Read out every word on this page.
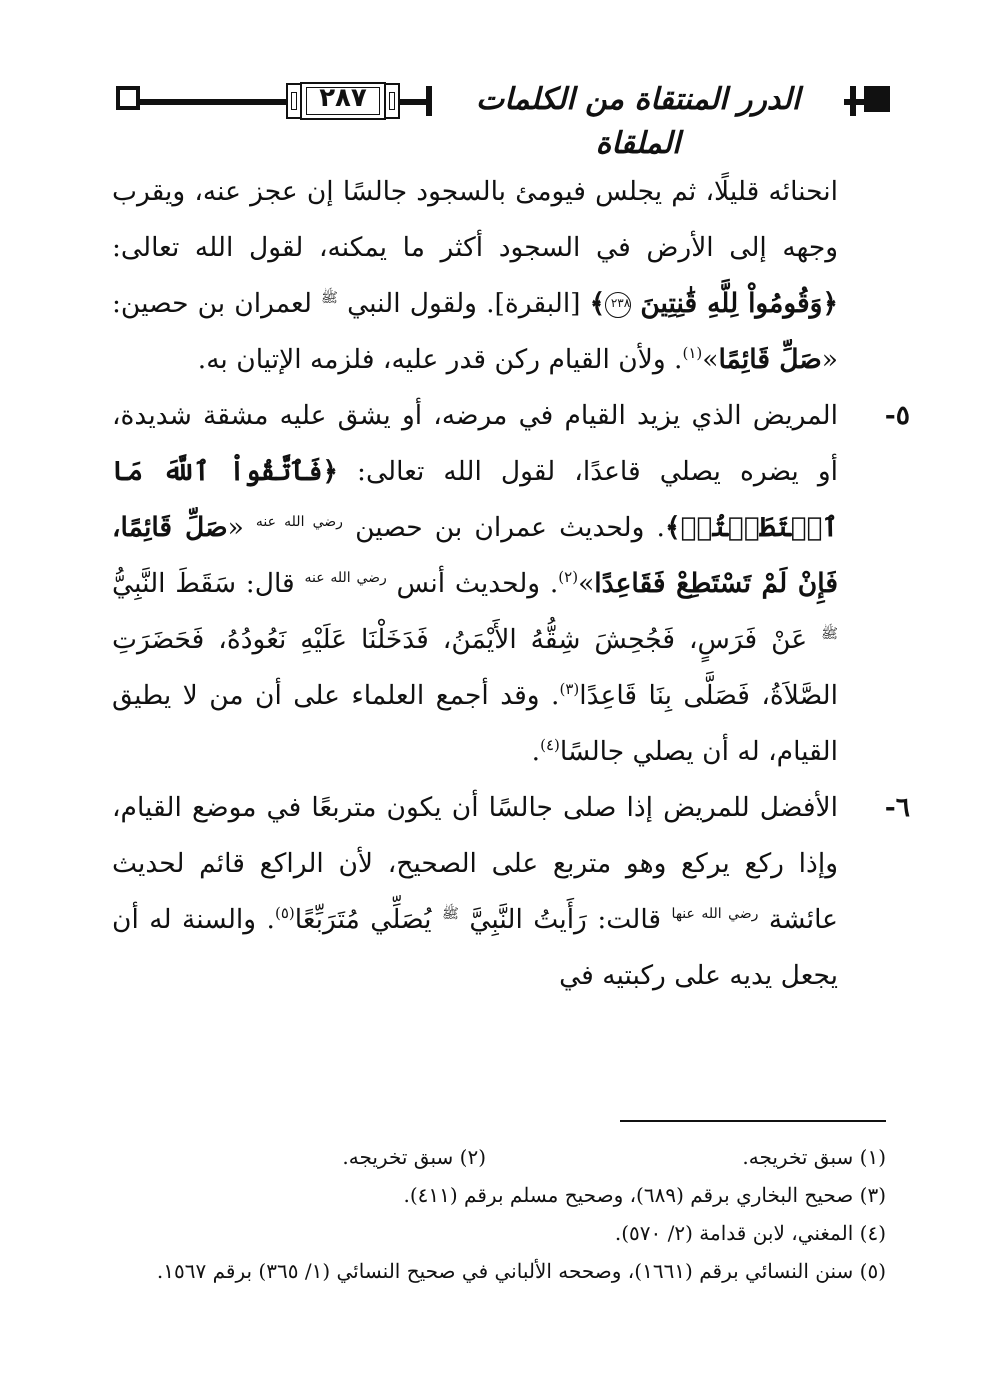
٢٨٧	الدرر المنتقاة من الكلمات الملقاة

انحنائه قليلًا، ثم يجلس فيومئ بالسجود جالسًا إن عجز عنه، ويقرب وجهه إلى الأرض في السجود أكثر ما يمكنه، لقول الله تعالى: ﴿وَقُومُواْ لِلَّهِ قَٰنِتِينَ ٢٣٨﴾ [البقرة]. ولقول النبي $^ﷺ$ لعمران بن حصين: «صَلِّ قَائِمًا»$^{(١)}$. ولأن القيام ركن قدر عليه، فلزمه الإتيان به.

٥-

المريض الذي يزيد القيام في مرضه، أو يشق عليه مشقة شديدة، أو يضره يصلي قاعدًا، لقول الله تعالى: ﴿فَٱتَّقُواْ ٱللَّهَ مَا ٱسۡتَطَعۡتُمۡ﴾. ولحديث عمران بن حصين $^{رضي الله عنه}$ «صَلِّ قَائِمًا، فَإِنْ لَمْ تَسْتَطِعْ فَقَاعِدًا»$^{(٢)}$. ولحديث أنس $^{رضي الله عنه}$ قال: سَقَطَ النَّبِيُّ $^ﷺ$ عَنْ فَرَسٍ، فَجُحِشَ شِقُّهُ الأَيْمَنُ، فَدَخَلْنَا عَلَيْهِ نَعُودُهُ، فَحَضَرَتِ الصَّلاَةُ، فَصَلَّى بِنَا قَاعِدًا$^{(٣)}$. وقد أجمع العلماء على أن من لا يطيق القيام، له أن يصلي جالسًا$^{(٤)}$.

٦-

الأفضل للمريض إذا صلى جالسًا أن يكون متربعًا في موضع القيام، وإذا ركع يركع وهو متربع على الصحيح، لأن الراكع قائم لحديث عائشة $^{رضي الله عنها}$ قالت: رَأَيتُ النَّبِيَّ $^ﷺ$ يُصَلِّي مُتَرَبِّعًا$^{(٥)}$. والسنة له أن يجعل يديه على ركبتيه في

(١) سبق تخريجه.
(٢) سبق تخريجه.

(٣) صحيح البخاري برقم (٦٨٩)، وصحيح مسلم برقم (٤١١).

(٤) المغني، لابن قدامة (٢/ ٥٧٠).

(٥) سنن النسائي برقم (١٦٦١)، وصححه الألباني في صحيح النسائي (١/ ٣٦٥) برقم ١٥٦٧.
